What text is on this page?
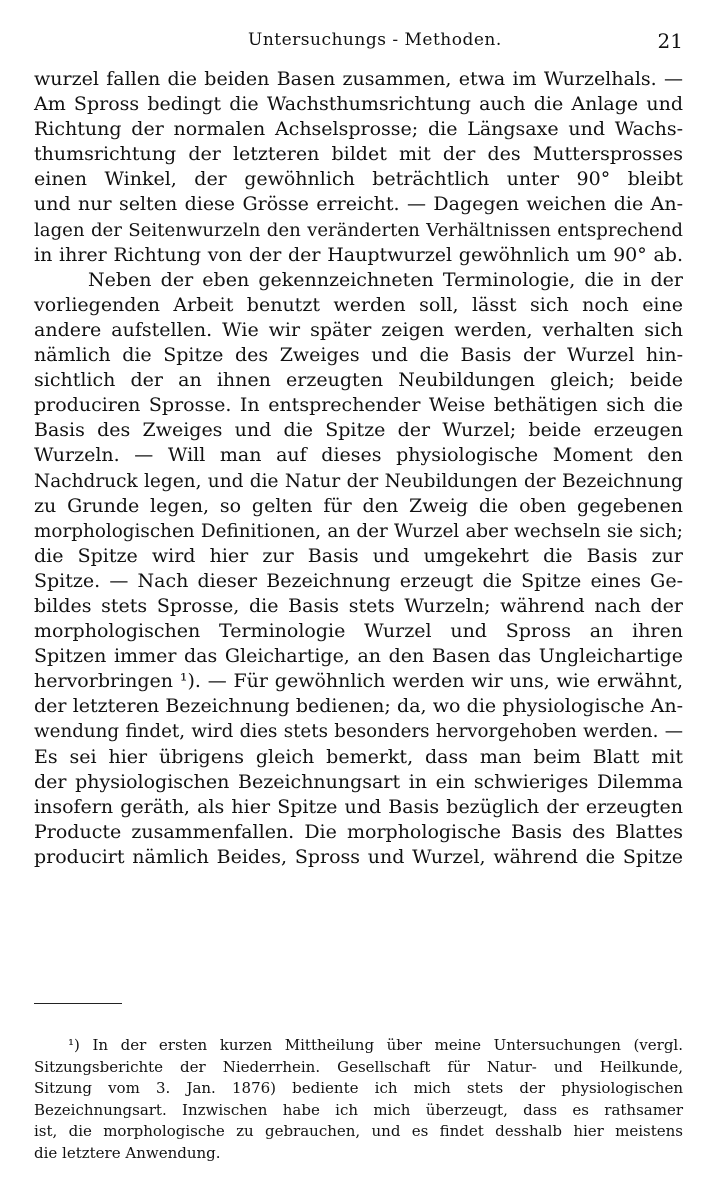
Untersuchungs - Methoden.	21
wurzel fallen die beiden Basen zusammen, etwa im Wurzelhals. —
Am Spross bedingt die Wachsthumsrichtung auch die Anlage und
Richtung der normalen Achselsprosse; die Längsaxe und Wachs-
thumsrichtung der letzteren bildet mit der des Muttersprosses
einen Winkel, der gewöhnlich beträchtlich unter 90° bleibt
und nur selten diese Grösse erreicht. — Dagegen weichen die An-
lagen der Seitenwurzeln den veränderten Verhältnissen entsprechend
in ihrer Richtung von der der Hauptwurzel gewöhnlich um 90° ab.
Neben der eben gekennzeichneten Terminologie, die in der
vorliegenden Arbeit benutzt werden soll, lässt sich noch eine
andere aufstellen. Wie wir später zeigen werden, verhalten sich
nämlich die Spitze des Zweiges und die Basis der Wurzel hin-
sichtlich der an ihnen erzeugten Neubildungen gleich; beide
produciren Sprosse. In entsprechender Weise bethätigen sich die
Basis des Zweiges und die Spitze der Wurzel; beide erzeugen
Wurzeln. — Will man auf dieses physiologische Moment den
Nachdruck legen, und die Natur der Neubildungen der Bezeichnung
zu Grunde legen, so gelten für den Zweig die oben gegebenen
morphologischen Definitionen, an der Wurzel aber wechseln sie sich;
die Spitze wird hier zur Basis und umgekehrt die Basis zur
Spitze. — Nach dieser Bezeichnung erzeugt die Spitze eines Ge-
bildes stets Sprosse, die Basis stets Wurzeln; während nach der
morphologischen Terminologie Wurzel und Spross an ihren
Spitzen immer das Gleichartige, an den Basen das Ungleichartige
hervorbringen ¹). — Für gewöhnlich werden wir uns, wie erwähnt,
der letzteren Bezeichnung bedienen; da, wo die physiologische An-
wendung findet, wird dies stets besonders hervorgehoben werden. —
Es sei hier übrigens gleich bemerkt, dass man beim Blatt mit
der physiologischen Bezeichnungsart in ein schwieriges Dilemma
insofern geräth, als hier Spitze und Basis bezüglich der erzeugten
Producte zusammenfallen. Die morphologische Basis des Blattes
producirt nämlich Beides, Spross und Wurzel, während die Spitze
¹) In der ersten kurzen Mittheilung über meine Untersuchungen (vergl.
Sitzungsberichte der Niederrhein. Gesellschaft für Natur- und Heilkunde,
Sitzung vom 3. Jan. 1876) bediente ich mich stets der physiologischen
Bezeichnungsart. Inzwischen habe ich mich überzeugt, dass es rathsamer
ist, die morphologische zu gebrauchen, und es findet desshalb hier meistens
die letztere Anwendung.
